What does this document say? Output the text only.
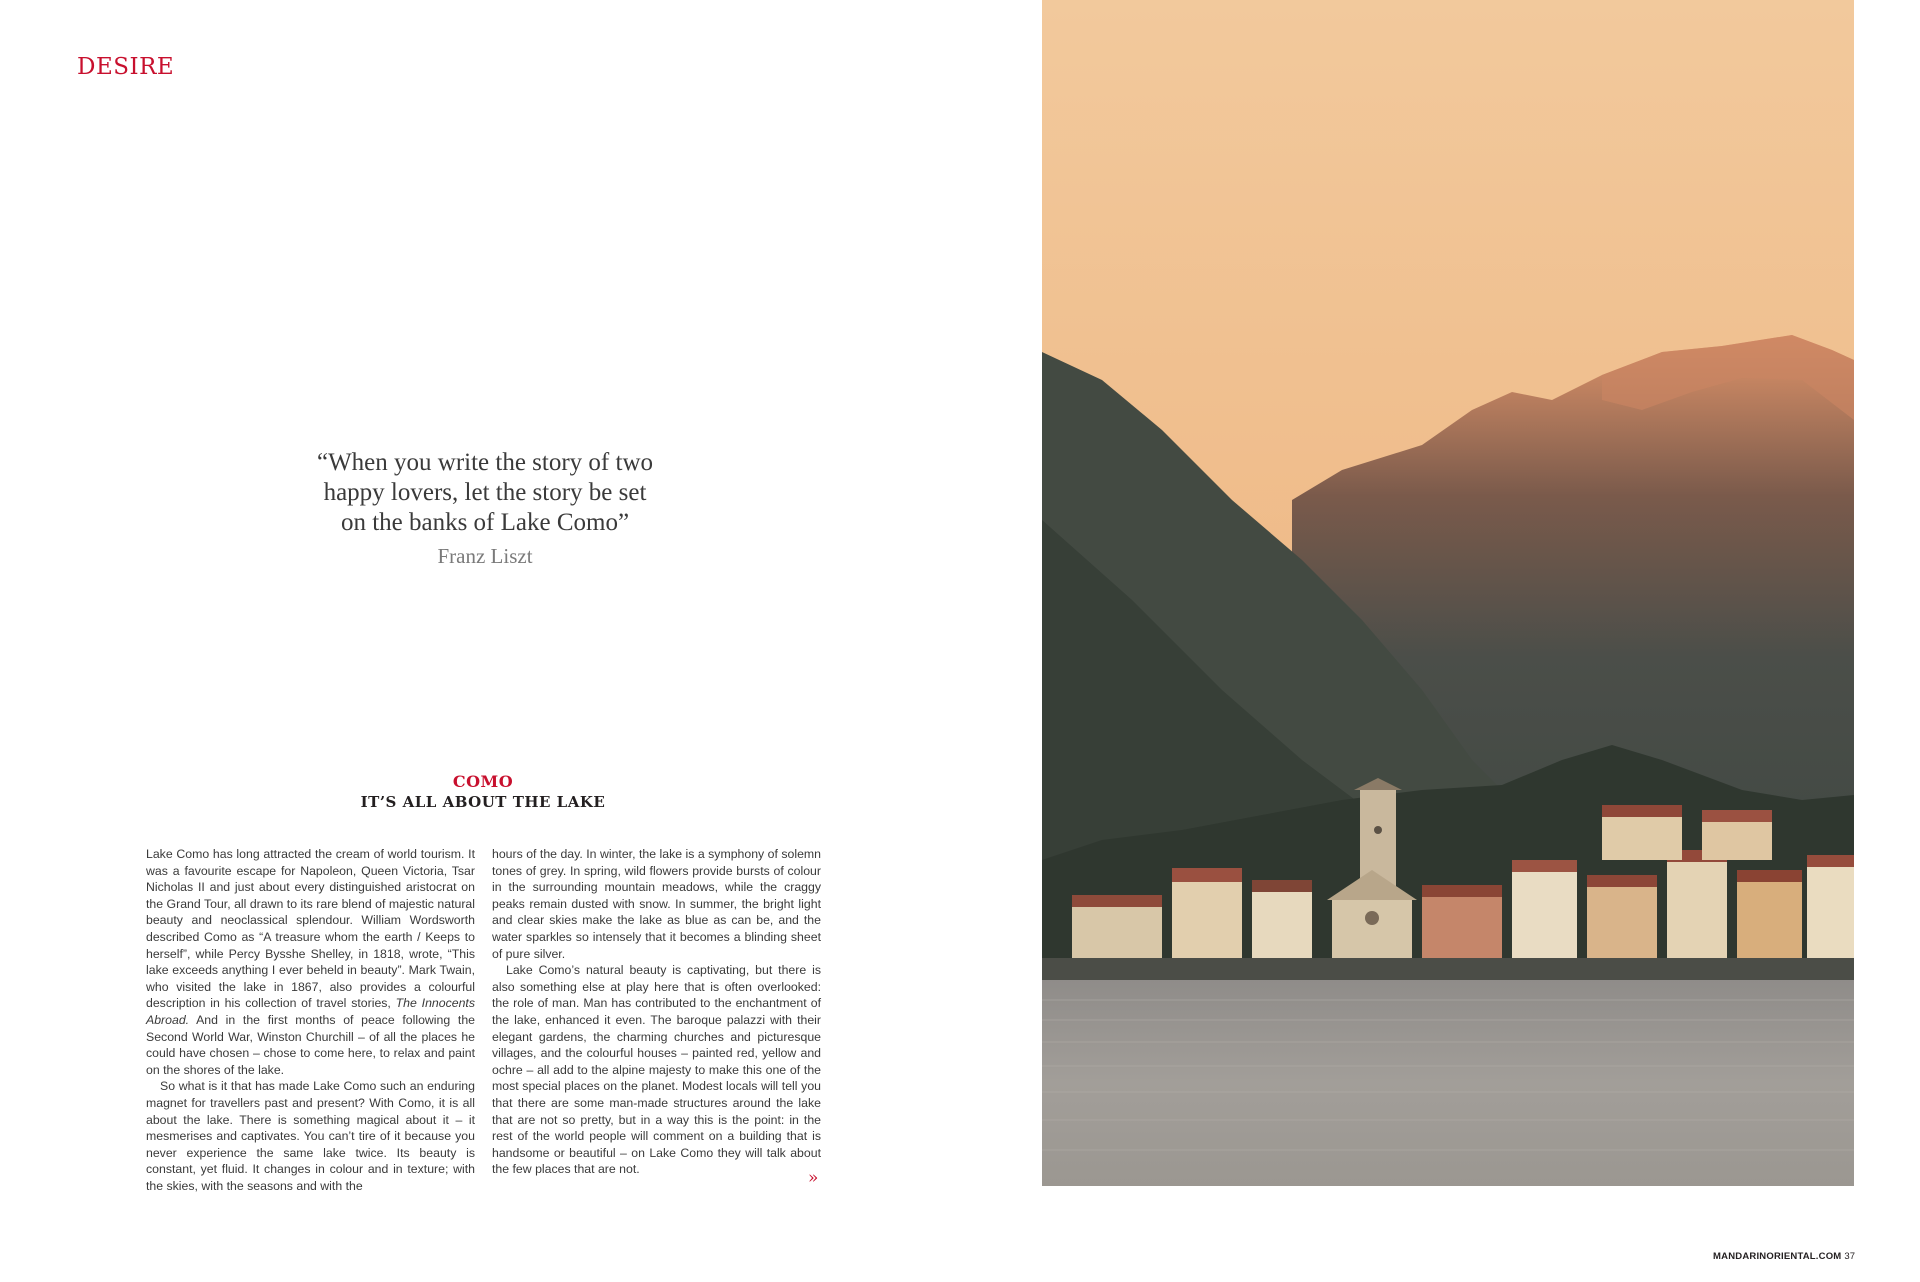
DESIRE
“When you write the story of two
happy lovers, let the story be set
on the banks of Lake Como”
Franz Liszt
COMO
IT’S ALL ABOUT THE LAKE

Lake Como has long attracted the cream of world tourism. It was a favourite escape for Napoleon, Queen Victoria, Tsar Nicholas II and just about every distinguished aristocrat on the Grand Tour, all drawn to its rare blend of majestic natural beauty and neoclassical splendour. William Wordsworth described Como as “A treasure whom the earth / Keeps to herself”, while Percy Bysshe Shelley, in 1818, wrote, “This lake exceeds anything I ever beheld in beauty”. Mark Twain, who visited the lake in 1867, also provides a colourful description in his collection of travel stories, The Innocents Abroad. And in the first months of peace following the Second World War, Winston Churchill – of all the places he could have chosen – chose to come here, to relax and paint on the shores of the lake.

So what is it that has made Lake Como such an enduring magnet for travellers past and present? With Como, it is all about the lake. There is something magical about it – it mesmerises and captivates. You can’t tire of it because you never experience the same lake twice. Its beauty is constant, yet fluid. It changes in colour and in texture; with the skies, with the seasons and with the

hours of the day. In winter, the lake is a symphony of solemn tones of grey. In spring, wild flowers provide bursts of colour in the surrounding mountain meadows, while the craggy peaks remain dusted with snow. In summer, the bright light and clear skies make the lake as blue as can be, and the water sparkles so intensely that it becomes a blinding sheet of pure silver.

Lake Como’s natural beauty is captivating, but there is also something else at play here that is often overlooked: the role of man. Man has contributed to the enchantment of the lake, enhanced it even. The baroque palazzi with their elegant gardens, the charming churches and picturesque villages, and the colourful houses – painted red, yellow and ochre – all add to the alpine majesty to make this one of the most special places on the planet. Modest locals will tell you that there are some man-made structures around the lake that are not so pretty, but in a way this is the point: in the rest of the world people will comment on a building that is handsome or beautiful – on Lake Como they will talk about the few places that are not.	»
MANDARINORIENTAL.COM 37
